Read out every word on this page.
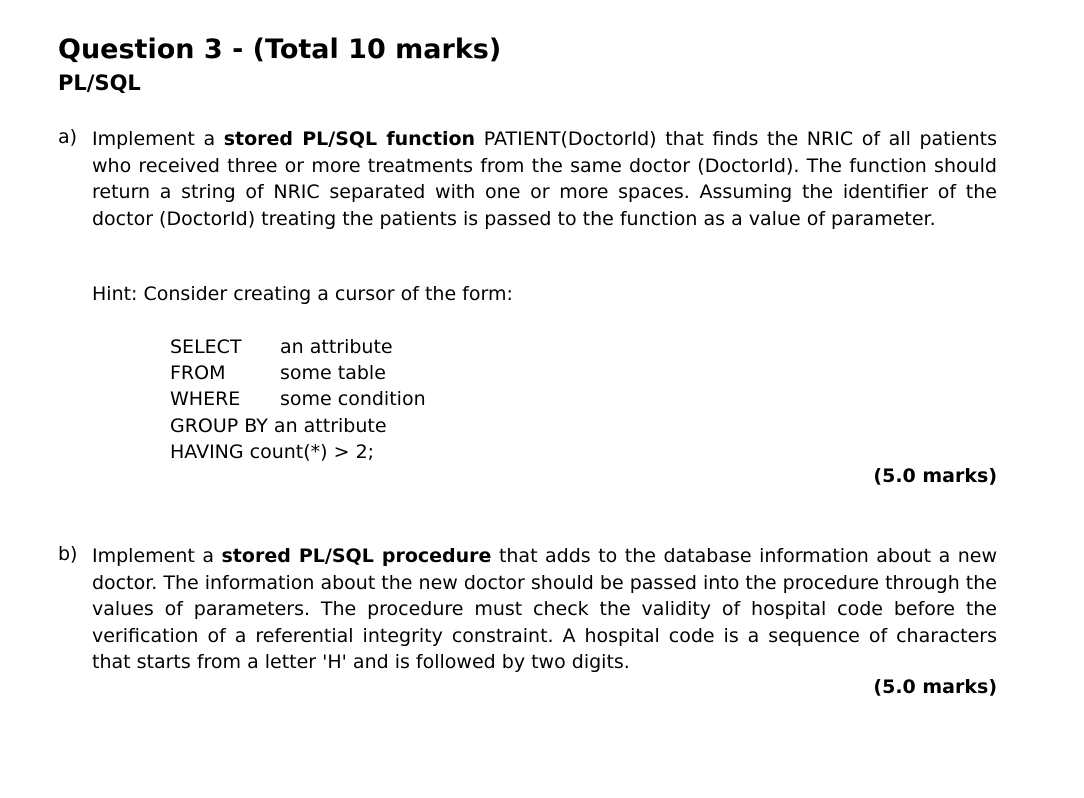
Question 3 - (Total 10 marks)
PL/SQL
a) Implement a stored PL/SQL function PATIENT(DoctorId) that finds the NRIC of all patients who received three or more treatments from the same doctor (DoctorId). The function should return a string of NRIC separated with one or more spaces. Assuming the identifier of the doctor (DoctorId) treating the patients is passed to the function as a value of parameter.
Hint: Consider creating a cursor of the form:
SELECT an attribute
FROM	some table
WHERE some condition
GROUP BY an attribute
HAVING count(*) > 2;
(5.0 marks)
b) Implement a stored PL/SQL procedure that adds to the database information about a new doctor. The information about the new doctor should be passed into the procedure through the values of parameters. The procedure must check the validity of hospital code before the verification of a referential integrity constraint. A hospital code is a sequence of characters that starts from a letter 'H' and is followed by two digits.
(5.0 marks)
